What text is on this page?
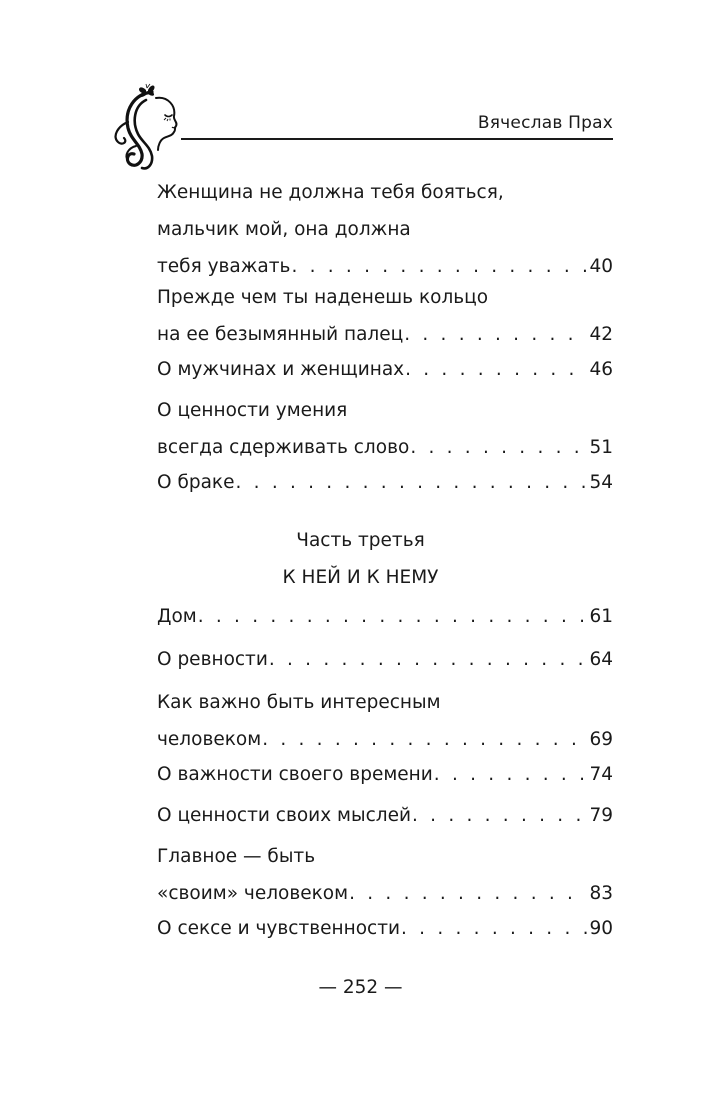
Вячеслав Прах
Женщина не должна тебя бояться,
мальчик мой, она должна
тебя уважать . . .	40
Прежде чем ты наденешь кольцо
на ее безымянный палец . . .	42
О мужчинах и женщинах . . .	46
О ценности умения
всегда сдерживать слово . . .	51
О браке . . .	54
Часть третья
К НЕЙ И К НЕМУ
Дом . . .	61
О ревности . . .	64
Как важно быть интересным
человеком . . .	69
О важности своего времени . . .	74
О ценности своих мыслей . . .	79
Главное — быть
«своим» человеком . . .	83
О сексе и чувственности . . .	90
— 252 —
